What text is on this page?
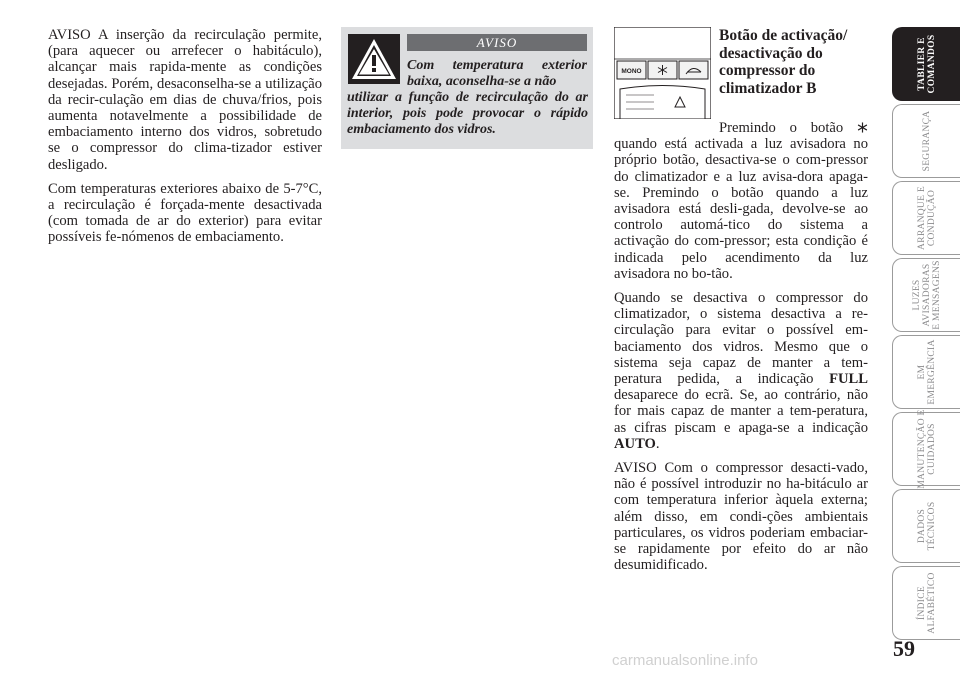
AVISO A inserção da recirculação permite, (para aquecer ou arrefecer o habitáculo), alcançar mais rapida-mente as condições desejadas. Porém, desaconselha-se a utilização da recir-culação em dias de chuva/frios, pois aumenta notavelmente a possibilidade de embaciamento interno dos vidros, sobretudo se o compressor do clima-tizador estiver desligado.

Com temperaturas exteriores abaixo de 5-7°C, a recirculação é forçada-mente desactivada (com tomada de ar do exterior) para evitar possíveis fe-nómenos de embaciamento.

AVISO

Com temperatura exterior baixa, aconselha-se a não

utilizar a função de recirculação do ar interior, pois pode provocar o rápido embaciamento dos vidros.

MONO
Botão de activação/ desactivação do compressor do climatizador B

Premindo o botão  quando está activada a luz avisadora no próprio botão, desactiva-se o com-pressor do climatizador e a luz avisa-dora apaga-se. Premindo o botão quando a luz avisadora está desli-gada, devolve-se ao controlo automá-tico do sistema a activação do com-pressor; esta condição é indicada pelo acendimento da luz avisadora no bo-tão.

Quando se desactiva o compressor do climatizador, o sistema desactiva a re-circulação para evitar o possível em-baciamento dos vidros. Mesmo que o sistema seja capaz de manter a tem-peratura pedida, a indicação FULL desaparece do ecrã. Se, ao contrário, não for mais capaz de manter a tem-peratura, as cifras piscam e apaga-se a indicação AUTO.

AVISO Com o compressor desacti-vado, não é possível introduzir no ha-bitáculo ar com temperatura inferior àquela externa; além disso, em condi-ções ambientais particulares, os vidros poderiam embaciar-se rapidamente por efeito do ar não desumidificado.

TABLIER E
COMANDOS
SEGURANÇA
ARRANQUE E
CONDUÇÃO
LUZES
AVISADORAS
E MENSAGENS
EM
EMERGÊNCIA
MANUTENÇÃO E
CUIDADOS
DADOS
TÉCNICOS
ÍNDICE
ALFABÉTICO
59
carmanualsonline.info
